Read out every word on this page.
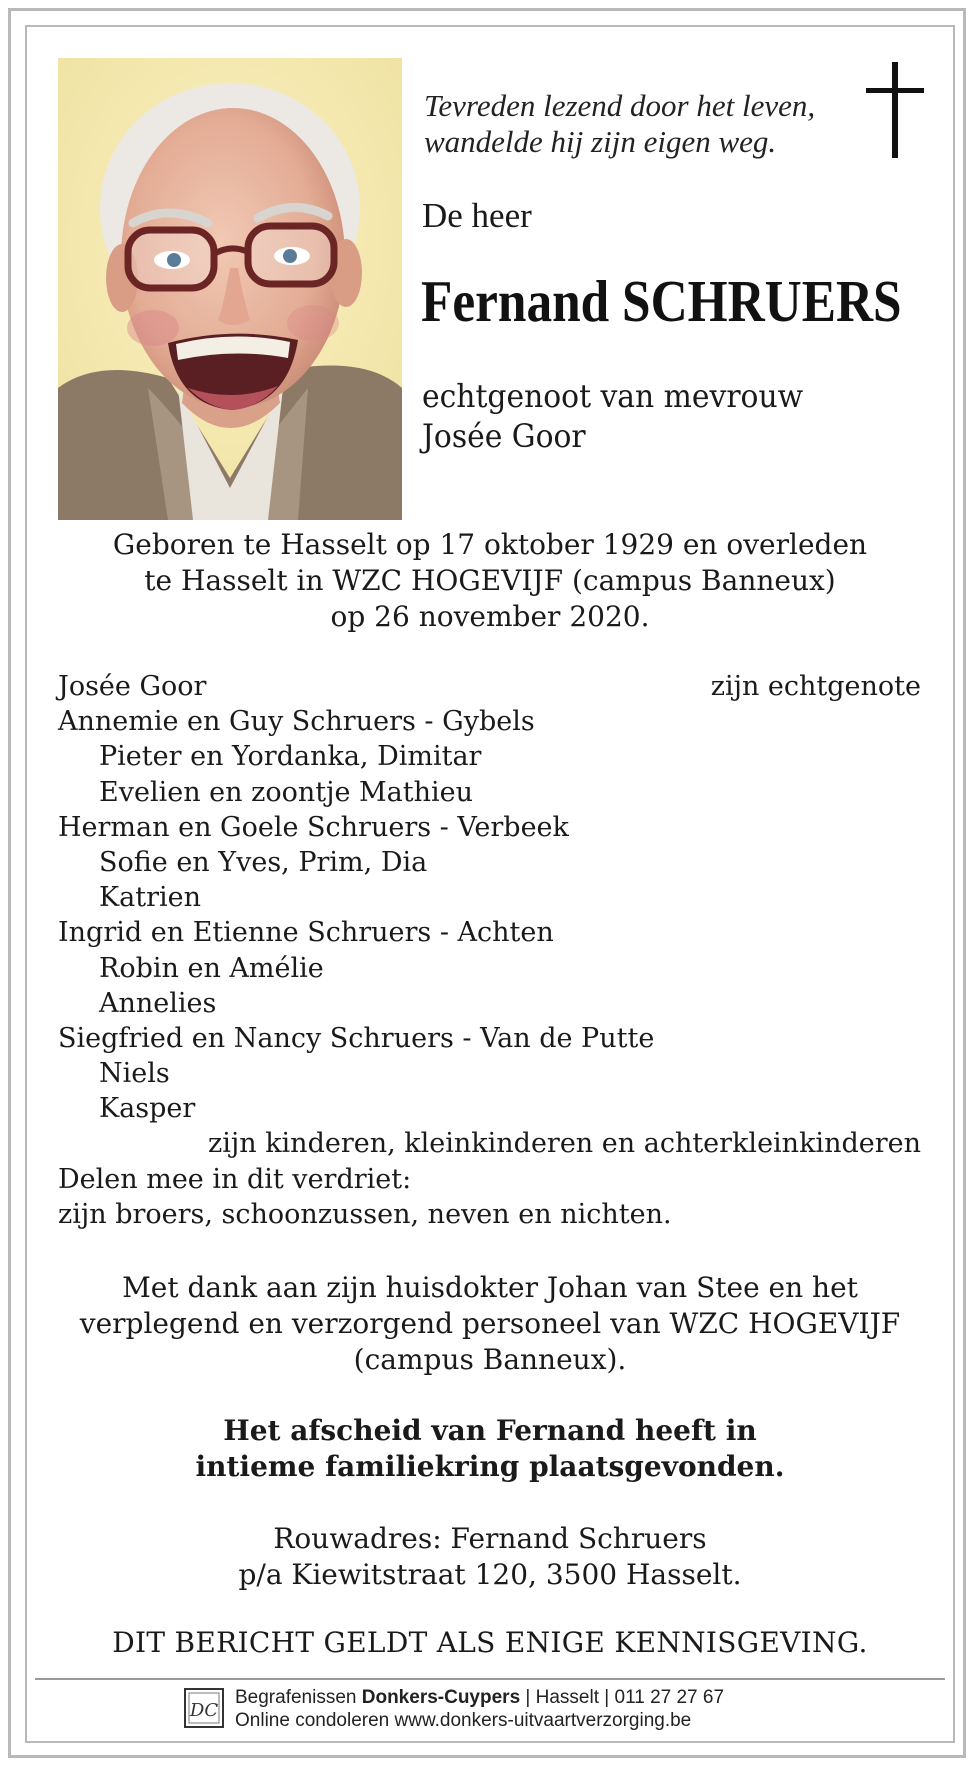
Tevreden lezend door het leven,
wandelde hij zijn eigen weg.
De heer
Fernand SCHRUERS
echtgenoot van mevrouw
Josée Goor
Geboren te Hasselt op 17 oktober 1929 en overleden
te Hasselt in WZC HOGEVIJF (campus Banneux)
op 26 november 2020.
Josée Goor	zijn echtgenote
Annemie en Guy Schruers - Gybels
Pieter en Yordanka, Dimitar
Evelien en zoontje Mathieu
Herman en Goele Schruers - Verbeek
Sofie en Yves, Prim, Dia
Katrien
Ingrid en Etienne Schruers - Achten
Robin en Amélie
Annelies
Siegfried en Nancy Schruers - Van de Putte
Niels
Kasper
zijn kinderen, kleinkinderen en achterkleinkinderen
Delen mee in dit verdriet:
zijn broers, schoonzussen, neven en nichten.
Met dank aan zijn huisdokter Johan van Stee en het
verplegend en verzorgend personeel van WZC HOGEVIJF
(campus Banneux).
Het afscheid van Fernand heeft in
intieme familiekring plaatsgevonden.
Rouwadres: Fernand Schruers
p/a Kiewitstraat 120, 3500 Hasselt.
DIT BERICHT GELDT ALS ENIGE KENNISGEVING.
DC
Begrafenissen Donkers-Cuypers | Hasselt | 011 27 27 67
Online condoleren www.donkers-uitvaartverzorging.be
